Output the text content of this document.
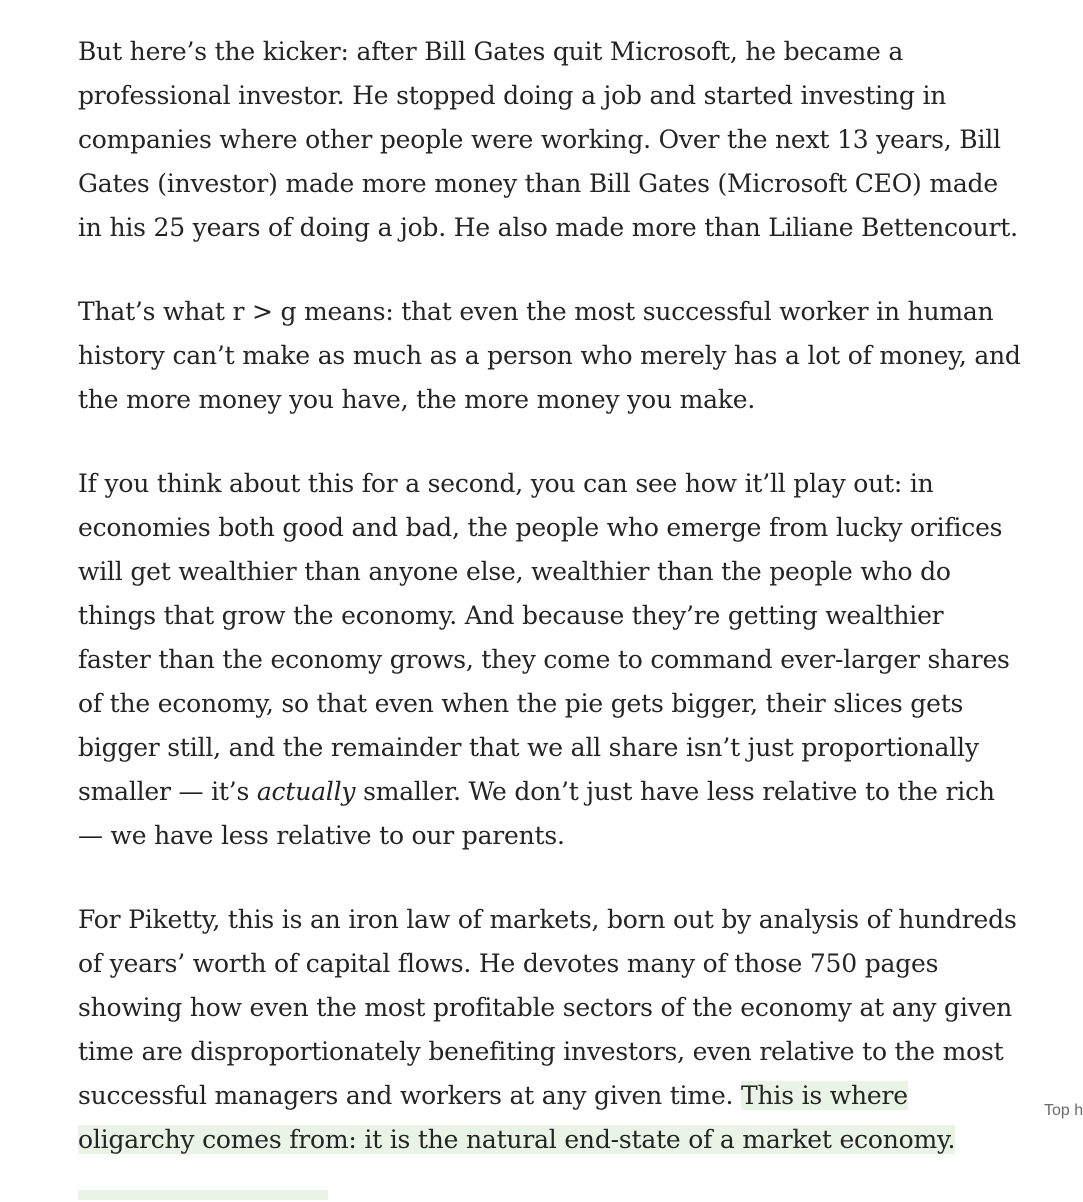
But here’s the kicker: after Bill Gates quit Microsoft, he became a professional investor. He stopped doing a job and started investing in companies where other people were working. Over the next 13 years, Bill Gates (investor) made more money than Bill Gates (Microsoft CEO) made in his 25 years of doing a job. He also made more than Liliane Bettencourt.

That’s what r > g means: that even the most successful worker in human history can’t make as much as a person who merely has a lot of money, and the more money you have, the more money you make.

If you think about this for a second, you can see how it’ll play out: in economies both good and bad, the people who emerge from lucky orifices will get wealthier than anyone else, wealthier than the people who do things that grow the economy. And because they’re getting wealthier faster than the economy grows, they come to command ever-larger shares of the economy, so that even when the pie gets bigger, their slices gets bigger still, and the remainder that we all share isn’t just proportionally smaller — it’s actually smaller. We don’t just have less relative to the rich — we have less relative to our parents.

For Piketty, this is an iron law of markets, born out by analysis of hundreds of years’ worth of capital flows. He devotes many of those 750 pages showing how even the most profitable sectors of the economy at any given time are disproportionately benefiting investors, even relative to the most successful managers and workers at any given time. This is where oligarchy comes from: it is the natural end-state of a market economy.

Top h
